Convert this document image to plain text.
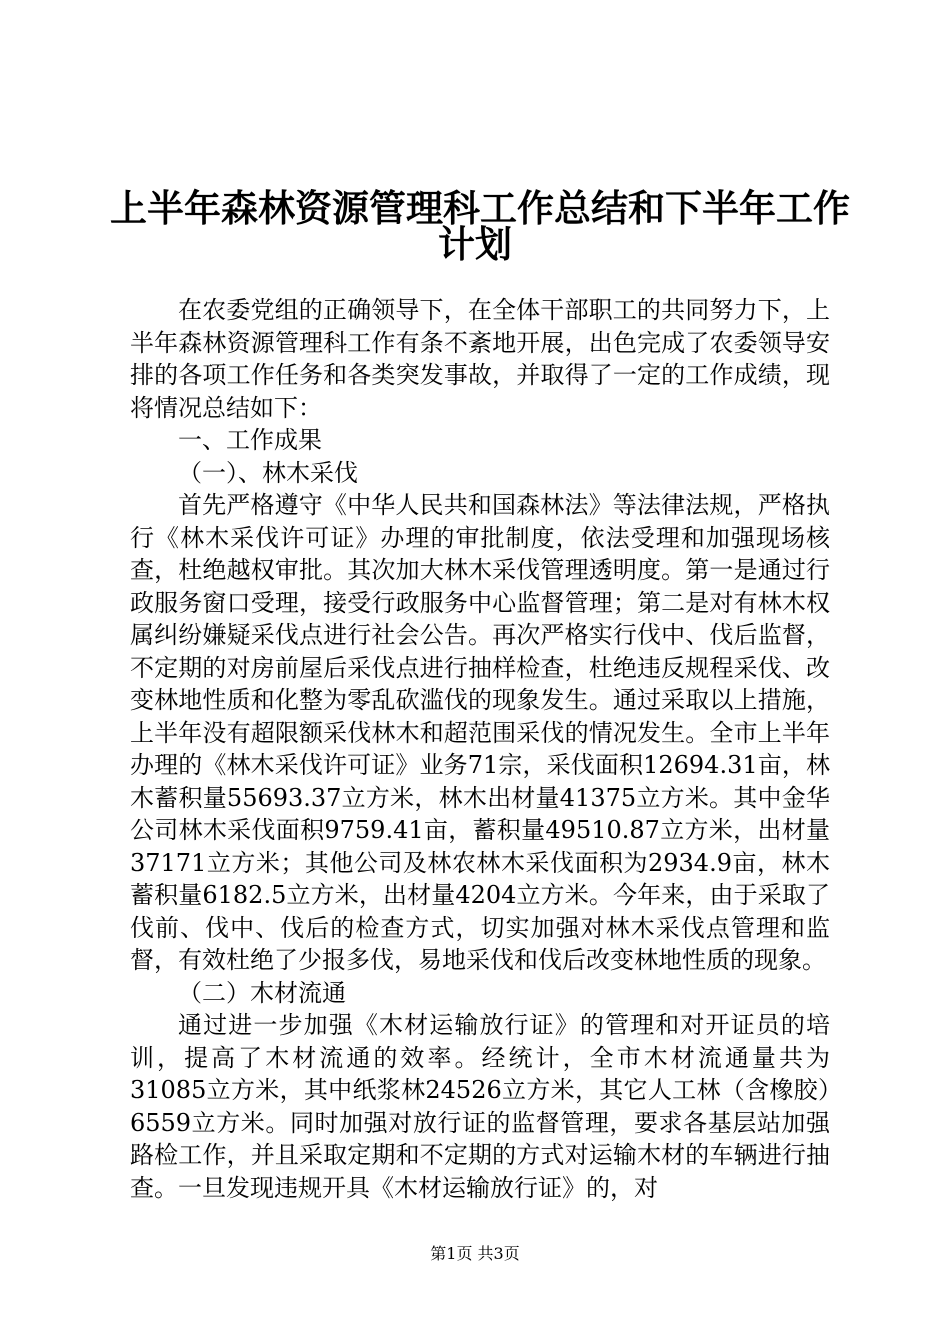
上半年森林资源管理科工作总结和下半年工作
计划

在农委党组的正确领导下，在全体干部职工的共同努力下，上半年森林资源管理科工作有条不紊地开展，出色完成了农委领导安排的各项工作任务和各类突发事故，并取得了一定的工作成绩，现将情况总结如下：

一、工作成果

（一）、林木采伐

首先严格遵守《中华人民共和国森林法》等法律法规，严格执行《林木采伐许可证》办理的审批制度，依法受理和加强现场核查，杜绝越权审批。其次加大林木采伐管理透明度。第一是通过行政服务窗口受理，接受行政服务中心监督管理；第二是对有林木权属纠纷嫌疑采伐点进行社会公告。再次严格实行伐中、伐后监督，不定期的对房前屋后采伐点进行抽样检查，杜绝违反规程采伐、改变林地性质和化整为零乱砍滥伐的现象发生。通过采取以上措施，上半年没有超限额采伐林木和超范围采伐的情况发生。全市上半年办理的《林木采伐许可证》业务71宗，采伐面积12694.31亩，林木蓄积量55693.37立方米，林木出材量41375立方米。其中金华公司林木采伐面积9759.41亩，蓄积量49510.87立方米，出材量37171立方米；其他公司及林农林木采伐面积为2934.9亩，林木蓄积量6182.5立方米，出材量4204立方米。今年来，由于采取了伐前、伐中、伐后的检查方式，切实加强对林木采伐点管理和监督，有效杜绝了少报多伐，易地采伐和伐后改变林地性质的现象。

（二）木材流通

通过进一步加强《木材运输放行证》的管理和对开证员的培训，提高了木材流通的效率。经统计，全市木材流通量共为31085立方米，其中纸浆林24526立方米，其它人工林（含橡胶）6559立方米。同时加强对放行证的监督管理，要求各基层站加强路检工作，并且采取定期和不定期的方式对运输木材的车辆进行抽查。一旦发现违规开具《木材运输放行证》的，对

第1页 共3页
